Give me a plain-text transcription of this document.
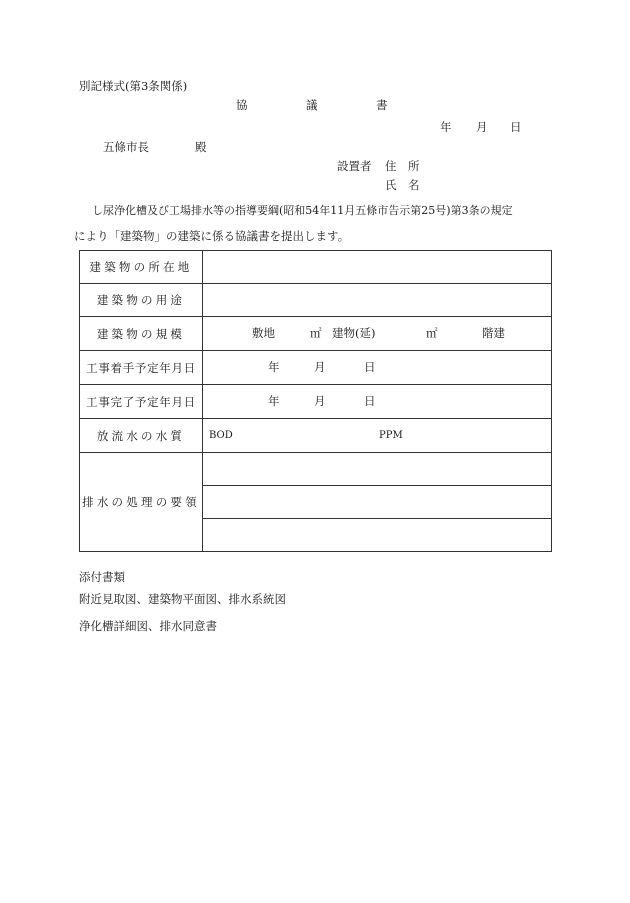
別記様式(第3条関係)
協	議	書
年 月 日
五條市長	殿
設置者 住　所
氏　名
し尿浄化槽及び工場排水等の指導要綱(昭和54年11月五條市告示第25号)第3条の規定
により「建築物」の建築に係る協議書を提出します。
建築物の所在地	
建築物の用途	
建築物の規模	敷地 ㎡ 建物(延) ㎡ 階建

工事着手予定年月日	年 月 日

工事完了予定年月日	年 月 日

放流水の水質	BOD PPM

排水の処理の要領	

添付書類
附近見取図、建築物平面図、排水系統図
浄化槽詳細図、排水同意書
